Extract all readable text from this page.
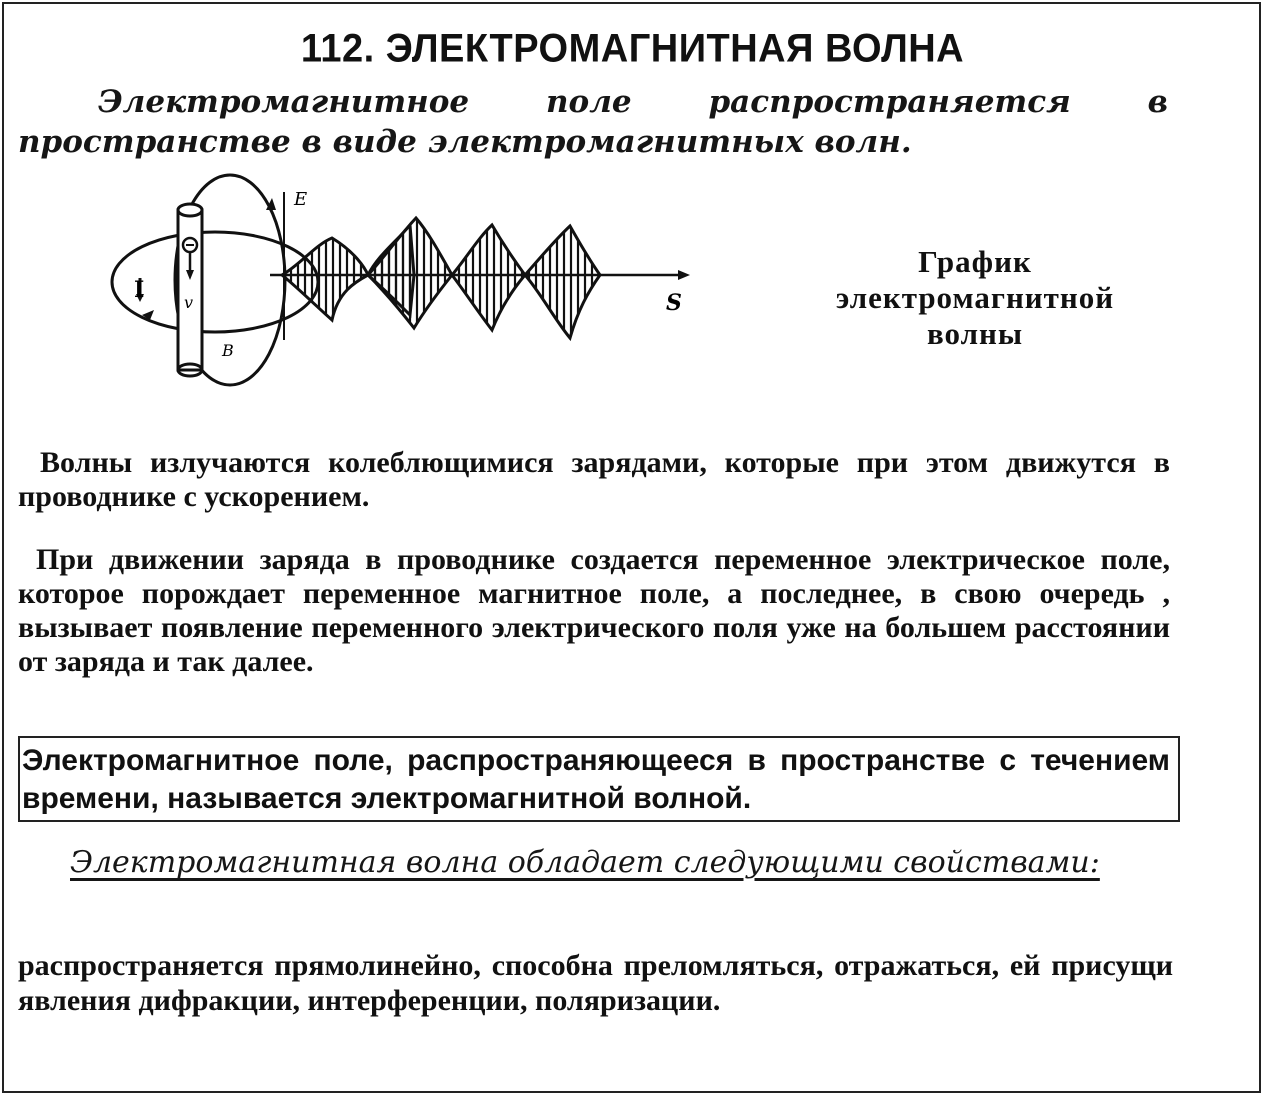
112. ЭЛЕКТРОМАГНИТНАЯ ВОЛНА
Электромагнитное поле распространяется в пространстве в виде электромагнитных волн.
E
S
I
B
v
График
электромагнитной
волны
Волны излучаются колеблющимися зарядами, которые при этом движутся в проводнике с ускорением.
При движении заряда в проводнике создается переменное электрическое поле, которое порождает переменное магнитное поле, а последнее, в свою очередь , вызывает появление переменного электрического поля уже на большем расстоянии от заряда и так далее.
Электромагнитное поле, распространяющееся в пространстве с течением времени, называется электромагнитной волной.
Электромагнитная волна обладает следующими свойствами:
распространяется прямолинейно, способна преломляться, отражаться, ей присущи явления дифракции, интерференции, поляризации.
